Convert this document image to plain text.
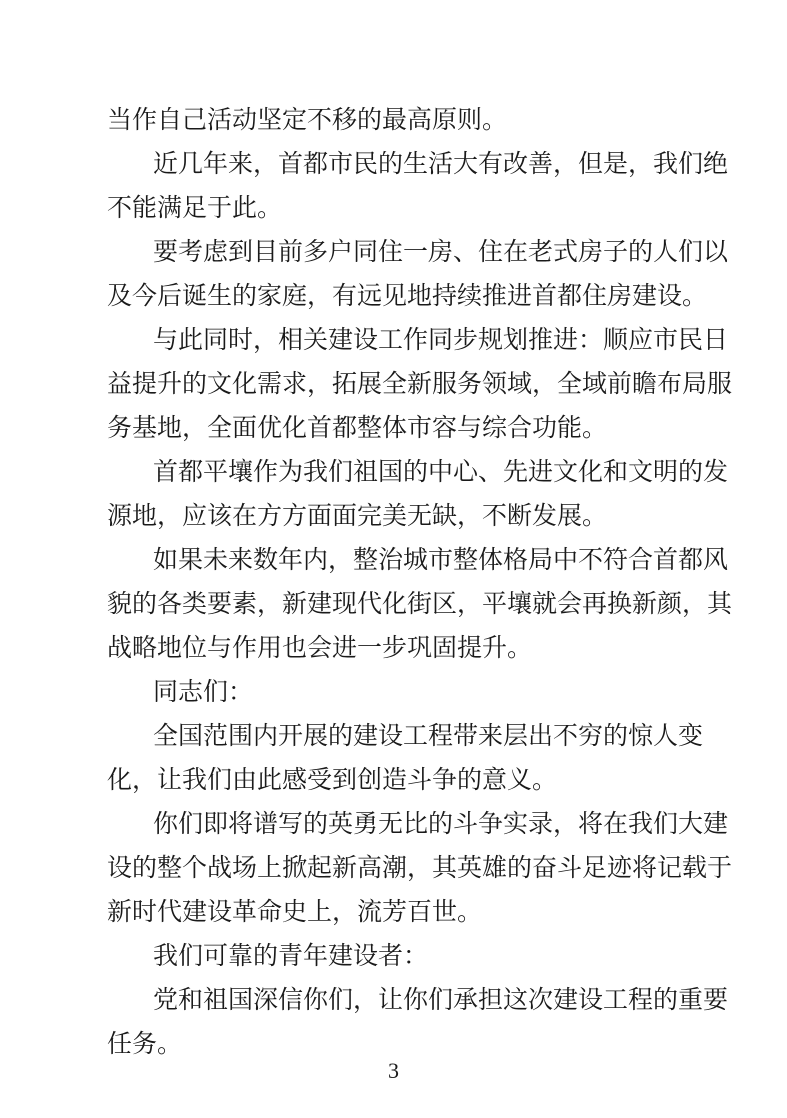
当作自己活动坚定不移的最高原则。

近几年来，首都市民的生活大有改善，但是，我们绝

不能满足于此。

要考虑到目前多户同住一房、住在老式房子的人们以

及今后诞生的家庭，有远见地持续推进首都住房建设。

与此同时，相关建设工作同步规划推进：顺应市民日

益提升的文化需求，拓展全新服务领域，全域前瞻布局服

务基地，全面优化首都整体市容与综合功能。

首都平壤作为我们祖国的中心、先进文化和文明的发

源地，应该在方方面面完美无缺，不断发展。

如果未来数年内，整治城市整体格局中不符合首都风

貌的各类要素，新建现代化街区，平壤就会再换新颜，其

战略地位与作用也会进一步巩固提升。

同志们：

全国范围内开展的建设工程带来层出不穷的惊人变

化，让我们由此感受到创造斗争的意义。

你们即将谱写的英勇无比的斗争实录，将在我们大建

设的整个战场上掀起新高潮，其英雄的奋斗足迹将记载于

新时代建设革命史上，流芳百世。

我们可靠的青年建设者：

党和祖国深信你们，让你们承担这次建设工程的重要

任务。

3
